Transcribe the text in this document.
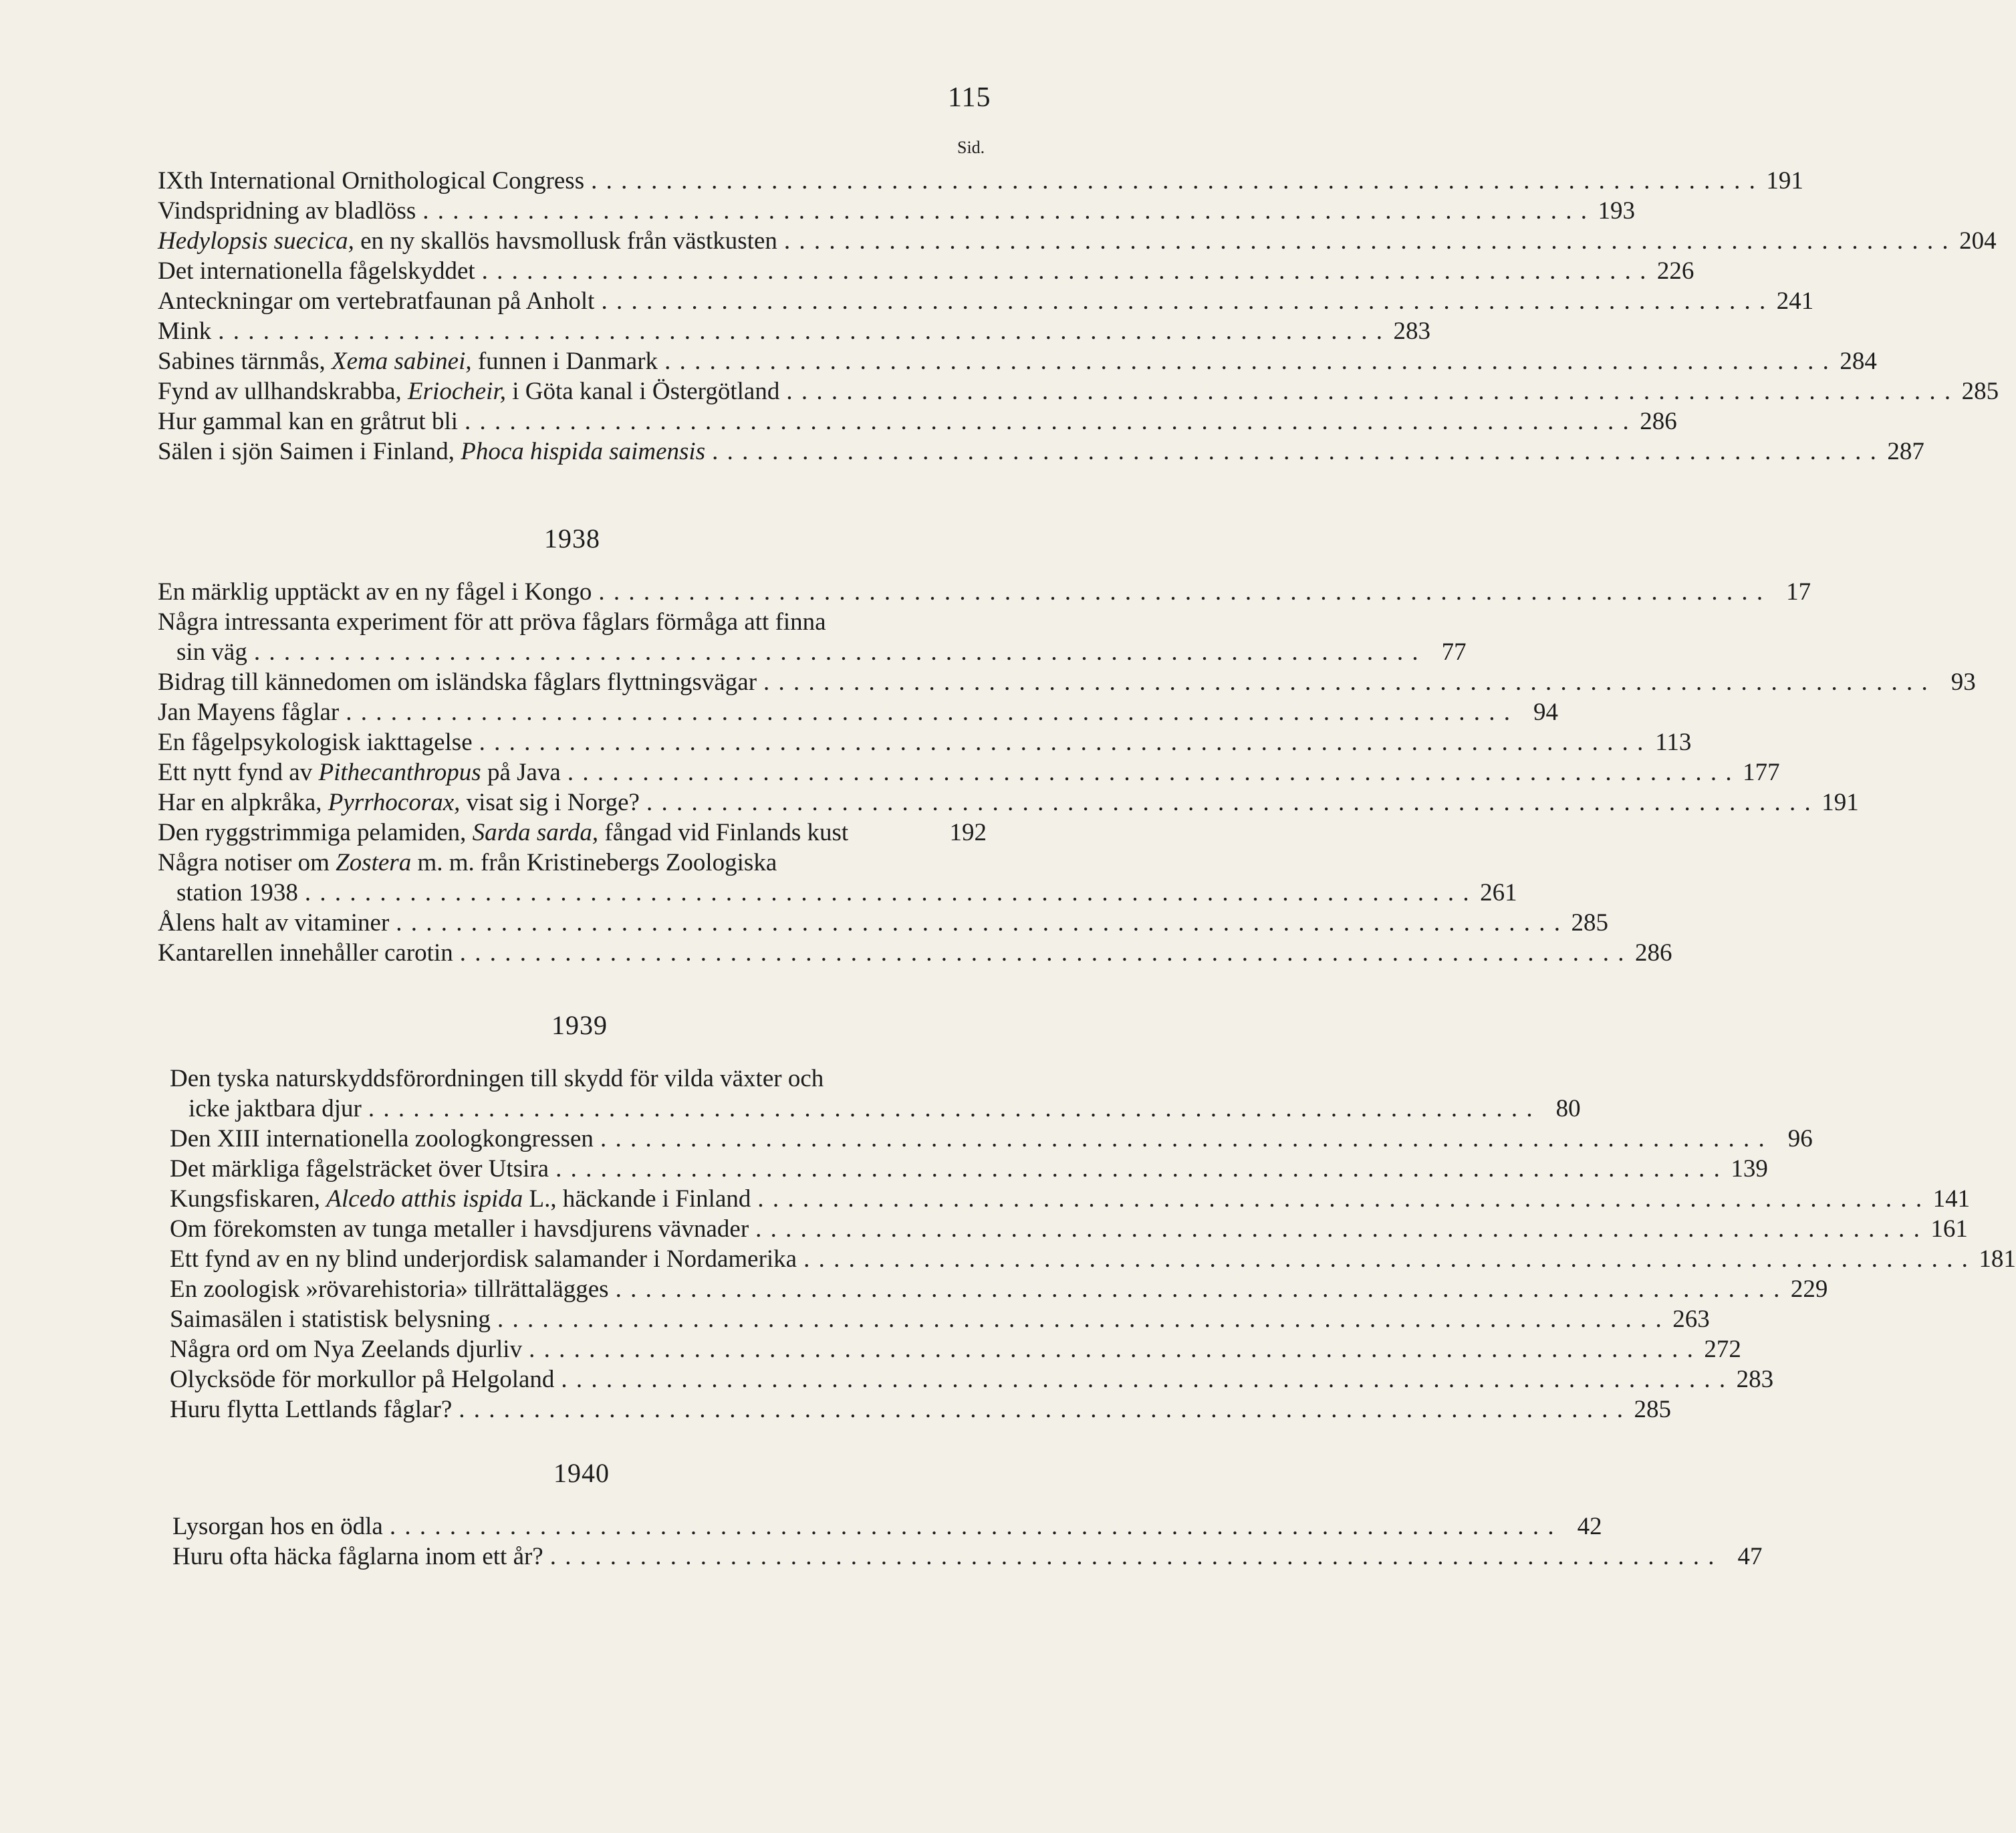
115
Sid.
IXth International Ornithological Congress . . .	191
Vindspridning av bladlöss . . .	193
Hedylopsis suecica, en ny skallös havsmollusk från västkusten . . .	204
Det internationella fågelskyddet . . .	226
Anteckningar om vertebratfaunan på Anholt . . .	241
Mink . . .	283
Sabines tärnmås, Xema sabinei, funnen i Danmark . . .	284
Fynd av ullhandskrabba, Eriocheir, i Göta kanal i Östergötland . . .	285
Hur gammal kan en gråtrut bli . . .	286
Sälen i sjön Saimen i Finland, Phoca hispida saimensis . . .	287
1938
En märklig upptäckt av en ny fågel i Kongo . . .	17
Några intressanta experiment för att pröva fåglars förmåga att finna
sin väg . . .	77
Bidrag till kännedomen om isländska fåglars flyttningsvägar . . .	93
Jan Mayens fåglar . . .	94
En fågelpsykologisk iakttagelse . . .	113
Ett nytt fynd av Pithecanthropus på Java . . .	177
Har en alpkråka, Pyrrhocorax, visat sig i Norge? . . .	191
Den ryggstrimmiga pelamiden, Sarda sarda, fångad vid Finlands kust	192
Några notiser om Zostera m. m. från Kristinebergs Zoologiska
station 1938 . . .	261
Ålens halt av vitaminer . . .	285
Kantarellen innehåller carotin . . .	286
1939
Den tyska naturskyddsförordningen till skydd för vilda växter och
icke jaktbara djur . . .	80
Den XIII internationella zoologkongressen . . .	96
Det märkliga fågelsträcket över Utsira . . .	139
Kungsfiskaren, Alcedo atthis ispida L., häckande i Finland . . .	141
Om förekomsten av tunga metaller i havsdjurens vävnader . . .	161
Ett fynd av en ny blind underjordisk salamander i Nordamerika . . .	181
En zoologisk »rövarehistoria» tillrättalägges . . .	229
Saimasälen i statistisk belysning . . .	263
Några ord om Nya Zeelands djurliv . . .	272
Olycksöde för morkullor på Helgoland . . .	283
Huru flytta Lettlands fåglar? . . .	285
1940
Lysorgan hos en ödla . . .	42
Huru ofta häcka fåglarna inom ett år? . . .	47
